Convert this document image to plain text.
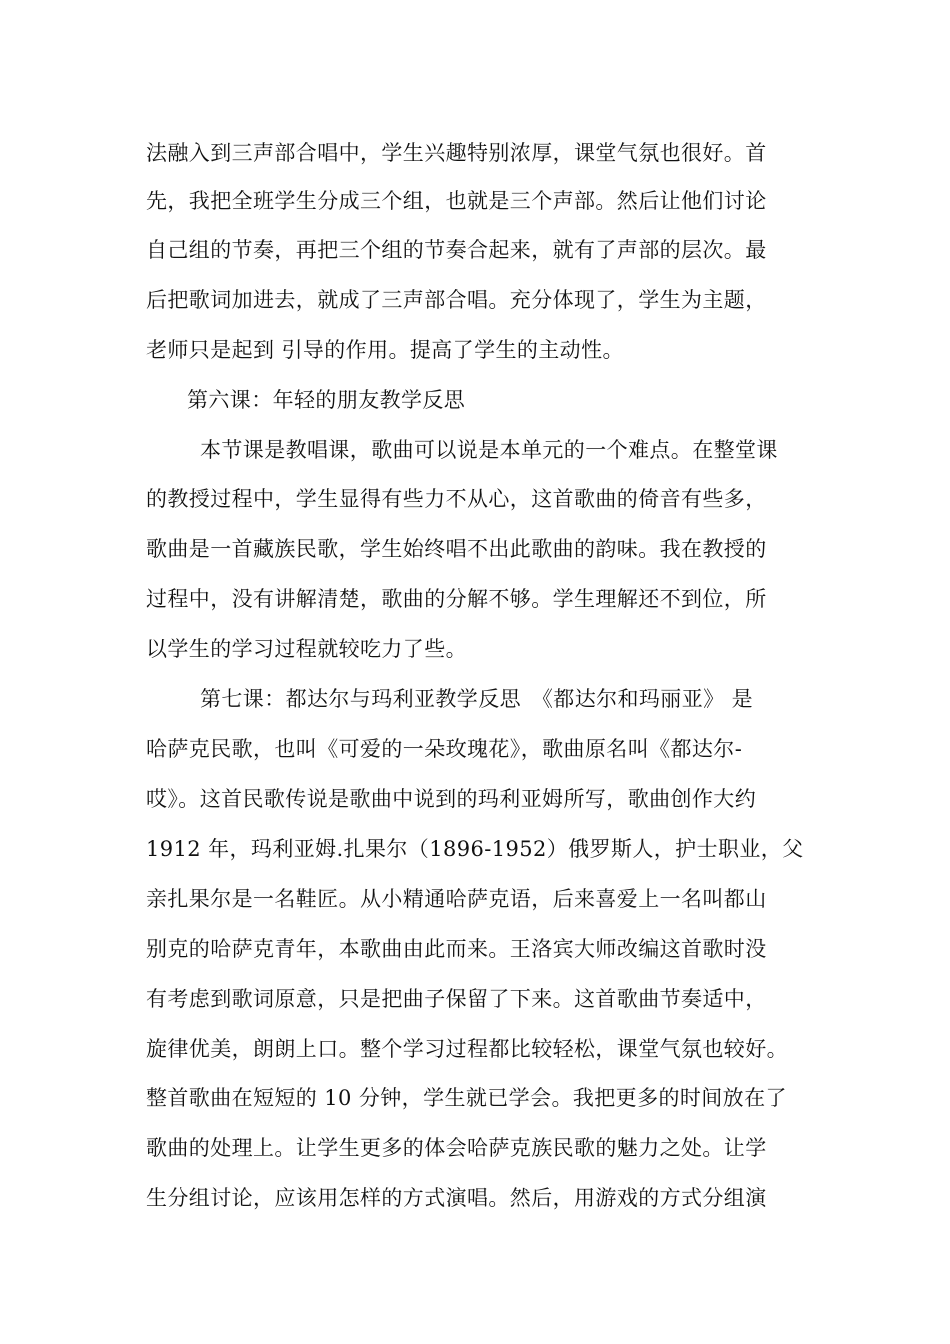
法融入到三声部合唱中，学生兴趣特别浓厚，课堂气氛也很好。首
先，我把全班学生分成三个组，也就是三个声部。然后让他们讨论
自己组的节奏，再把三个组的节奏合起来，就有了声部的层次。最
后把歌词加进去，就成了三声部合唱。充分体现了，学生为主题，
老师只是起到 引导的作用。提高了学生的主动性。
第六课：年轻的朋友教学反思
本节课是教唱课，歌曲可以说是本单元的一个难点。在整堂课
的教授过程中，学生显得有些力不从心，这首歌曲的倚音有些多，
歌曲是一首藏族民歌，学生始终唱不出此歌曲的韵味。我在教授的
过程中，没有讲解清楚，歌曲的分解不够。学生理解还不到位，所
以学生的学习过程就较吃力了些。
第七课：都达尔与玛利亚教学反思　《都达尔和玛丽亚》 是
哈萨克民歌，也叫《可爱的一朵玫瑰花》，歌曲原名叫《都达尔-
哎》。这首民歌传说是歌曲中说到的玛利亚姆所写，歌曲创作大约
1912 年，玛利亚姆.扎果尔（1896-1952）俄罗斯人，护士职业，父
亲扎果尔是一名鞋匠。从小精通哈萨克语，后来喜爱上一名叫都山
别克的哈萨克青年，本歌曲由此而来。王洛宾大师改编这首歌时没
有考虑到歌词原意，只是把曲子保留了下来。这首歌曲节奏适中，
旋律优美，朗朗上口。整个学习过程都比较轻松，课堂气氛也较好。
整首歌曲在短短的 10 分钟，学生就已学会。我把更多的时间放在了
歌曲的处理上。让学生更多的体会哈萨克族民歌的魅力之处。让学
生分组讨论，应该用怎样的方式演唱。然后，用游戏的方式分组演
